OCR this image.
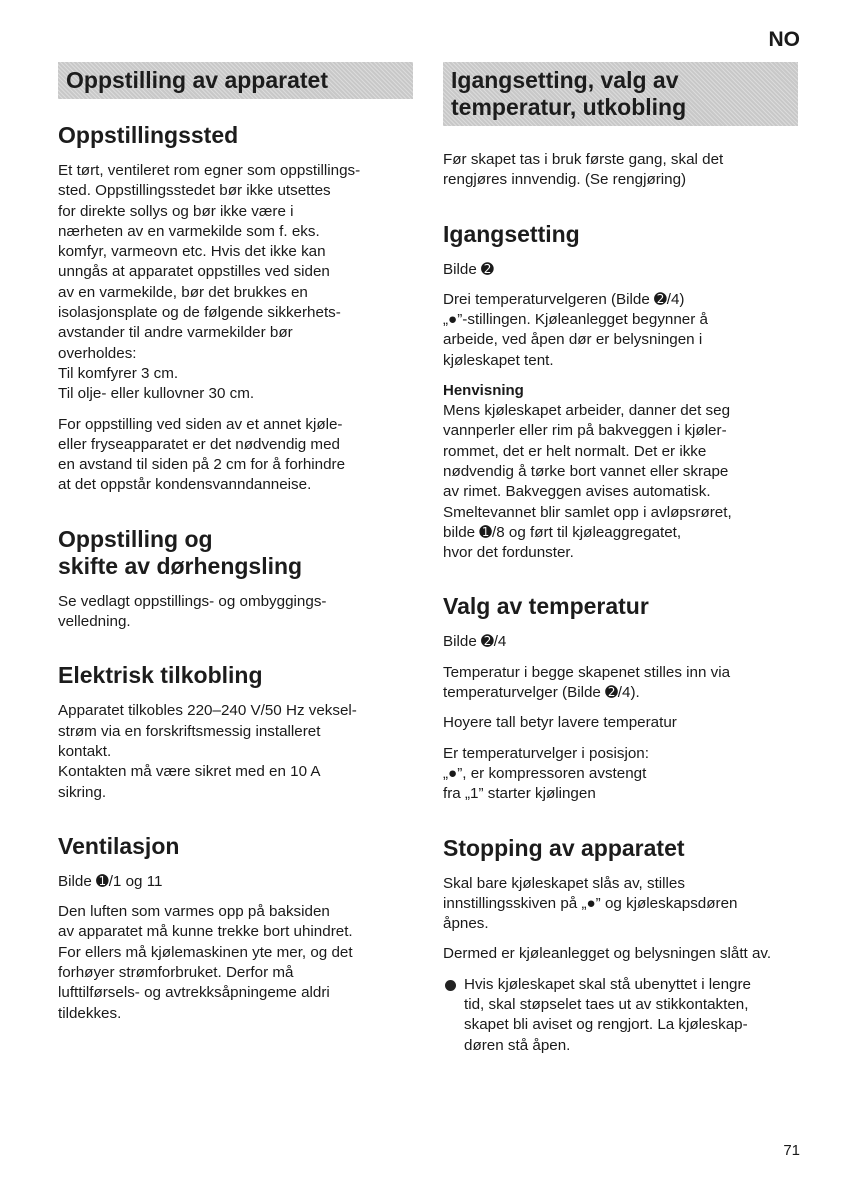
NO
Oppstilling av apparatet
Oppstillingssted

Et tørt, ventileret rom egner som oppstillings-
sted. Oppstillingsstedet bør ikke utsettes
for direkte sollys og bør ikke være i
nærheten av en varmekilde som f. eks.
komfyr, varmeovn etc. Hvis det ikke kan
unngås at apparatet oppstilles ved siden
av en varmekilde, bør det brukkes en
isolasjonsplate og de følgende sikkerhets-
avstander til andre varmekilder bør
overholdes:
Til komfyrer 3 cm.
Til olje- eller kullovner 30 cm.

For oppstilling ved siden av et annet kjøle-
eller fryseapparatet er det nødvendig med
en avstand til siden på 2 cm for å forhindre
at det oppstår kondensvanndanneise.

Oppstilling og
skifte av dørhengsling

Se vedlagt oppstillings- og ombyggings-
velledning.

Elektrisk tilkobling

Apparatet tilkobles 220–240 V/50 Hz veksel-
strøm via en forskriftsmessig installeret
kontakt.
Kontakten må være sikret med en 10 A
sikring.

Ventilasjon

Bilde ➊/1 og 11

Den luften som varmes opp på baksiden
av apparatet må kunne trekke bort uhindret.
For ellers må kjølemaskinen yte mer, og det
forhøyer strømforbruket. Derfor må
lufttilførsels- og avtrekksåpningeme aldri
tildekkes.

Igangsetting, valg av
temperatur, utkobling

Før skapet tas i bruk første gang, skal det
rengjøres innvendig. (Se rengjøring)

Igangsetting

Bilde ➋

Drei temperaturvelgeren (Bilde ➋/4)
„●”-stillingen. Kjøleanlegget begynner å
arbeide, ved åpen dør er belysningen i
kjøleskapet tent.

Henvisning

Mens kjøleskapet arbeider, danner det seg
vannperler eller rim på bakveggen i kjøler-
rommet, det er helt normalt. Det er ikke
nødvendig å tørke bort vannet eller skrape
av rimet. Bakveggen avises automatisk.
Smeltevannet blir samlet opp i avløpsrøret,
bilde ➊/8 og ført til kjøleaggregatet,
hvor det fordunster.

Valg av temperatur

Bilde ➋/4

Temperatur i begge skapenet stilles inn via
temperaturvelger (Bilde ➋/4).

Hoyere tall betyr lavere temperatur

Er temperaturvelger i posisjon:
„●”, er kompressoren avstengt
fra „1” starter kjølingen

Stopping av apparatet

Skal bare kjøleskapet slås av, stilles
innstillingsskiven på „●” og kjøleskapsdøren
åpnes.

Dermed er kjøleanlegget og belysningen slått av.

Hvis kjøleskapet skal stå ubenyttet i lengre
tid, skal støpselet taes ut av stikkontakten,
skapet bli aviset og rengjort. La kjøleskap-
døren stå åpen.
71
